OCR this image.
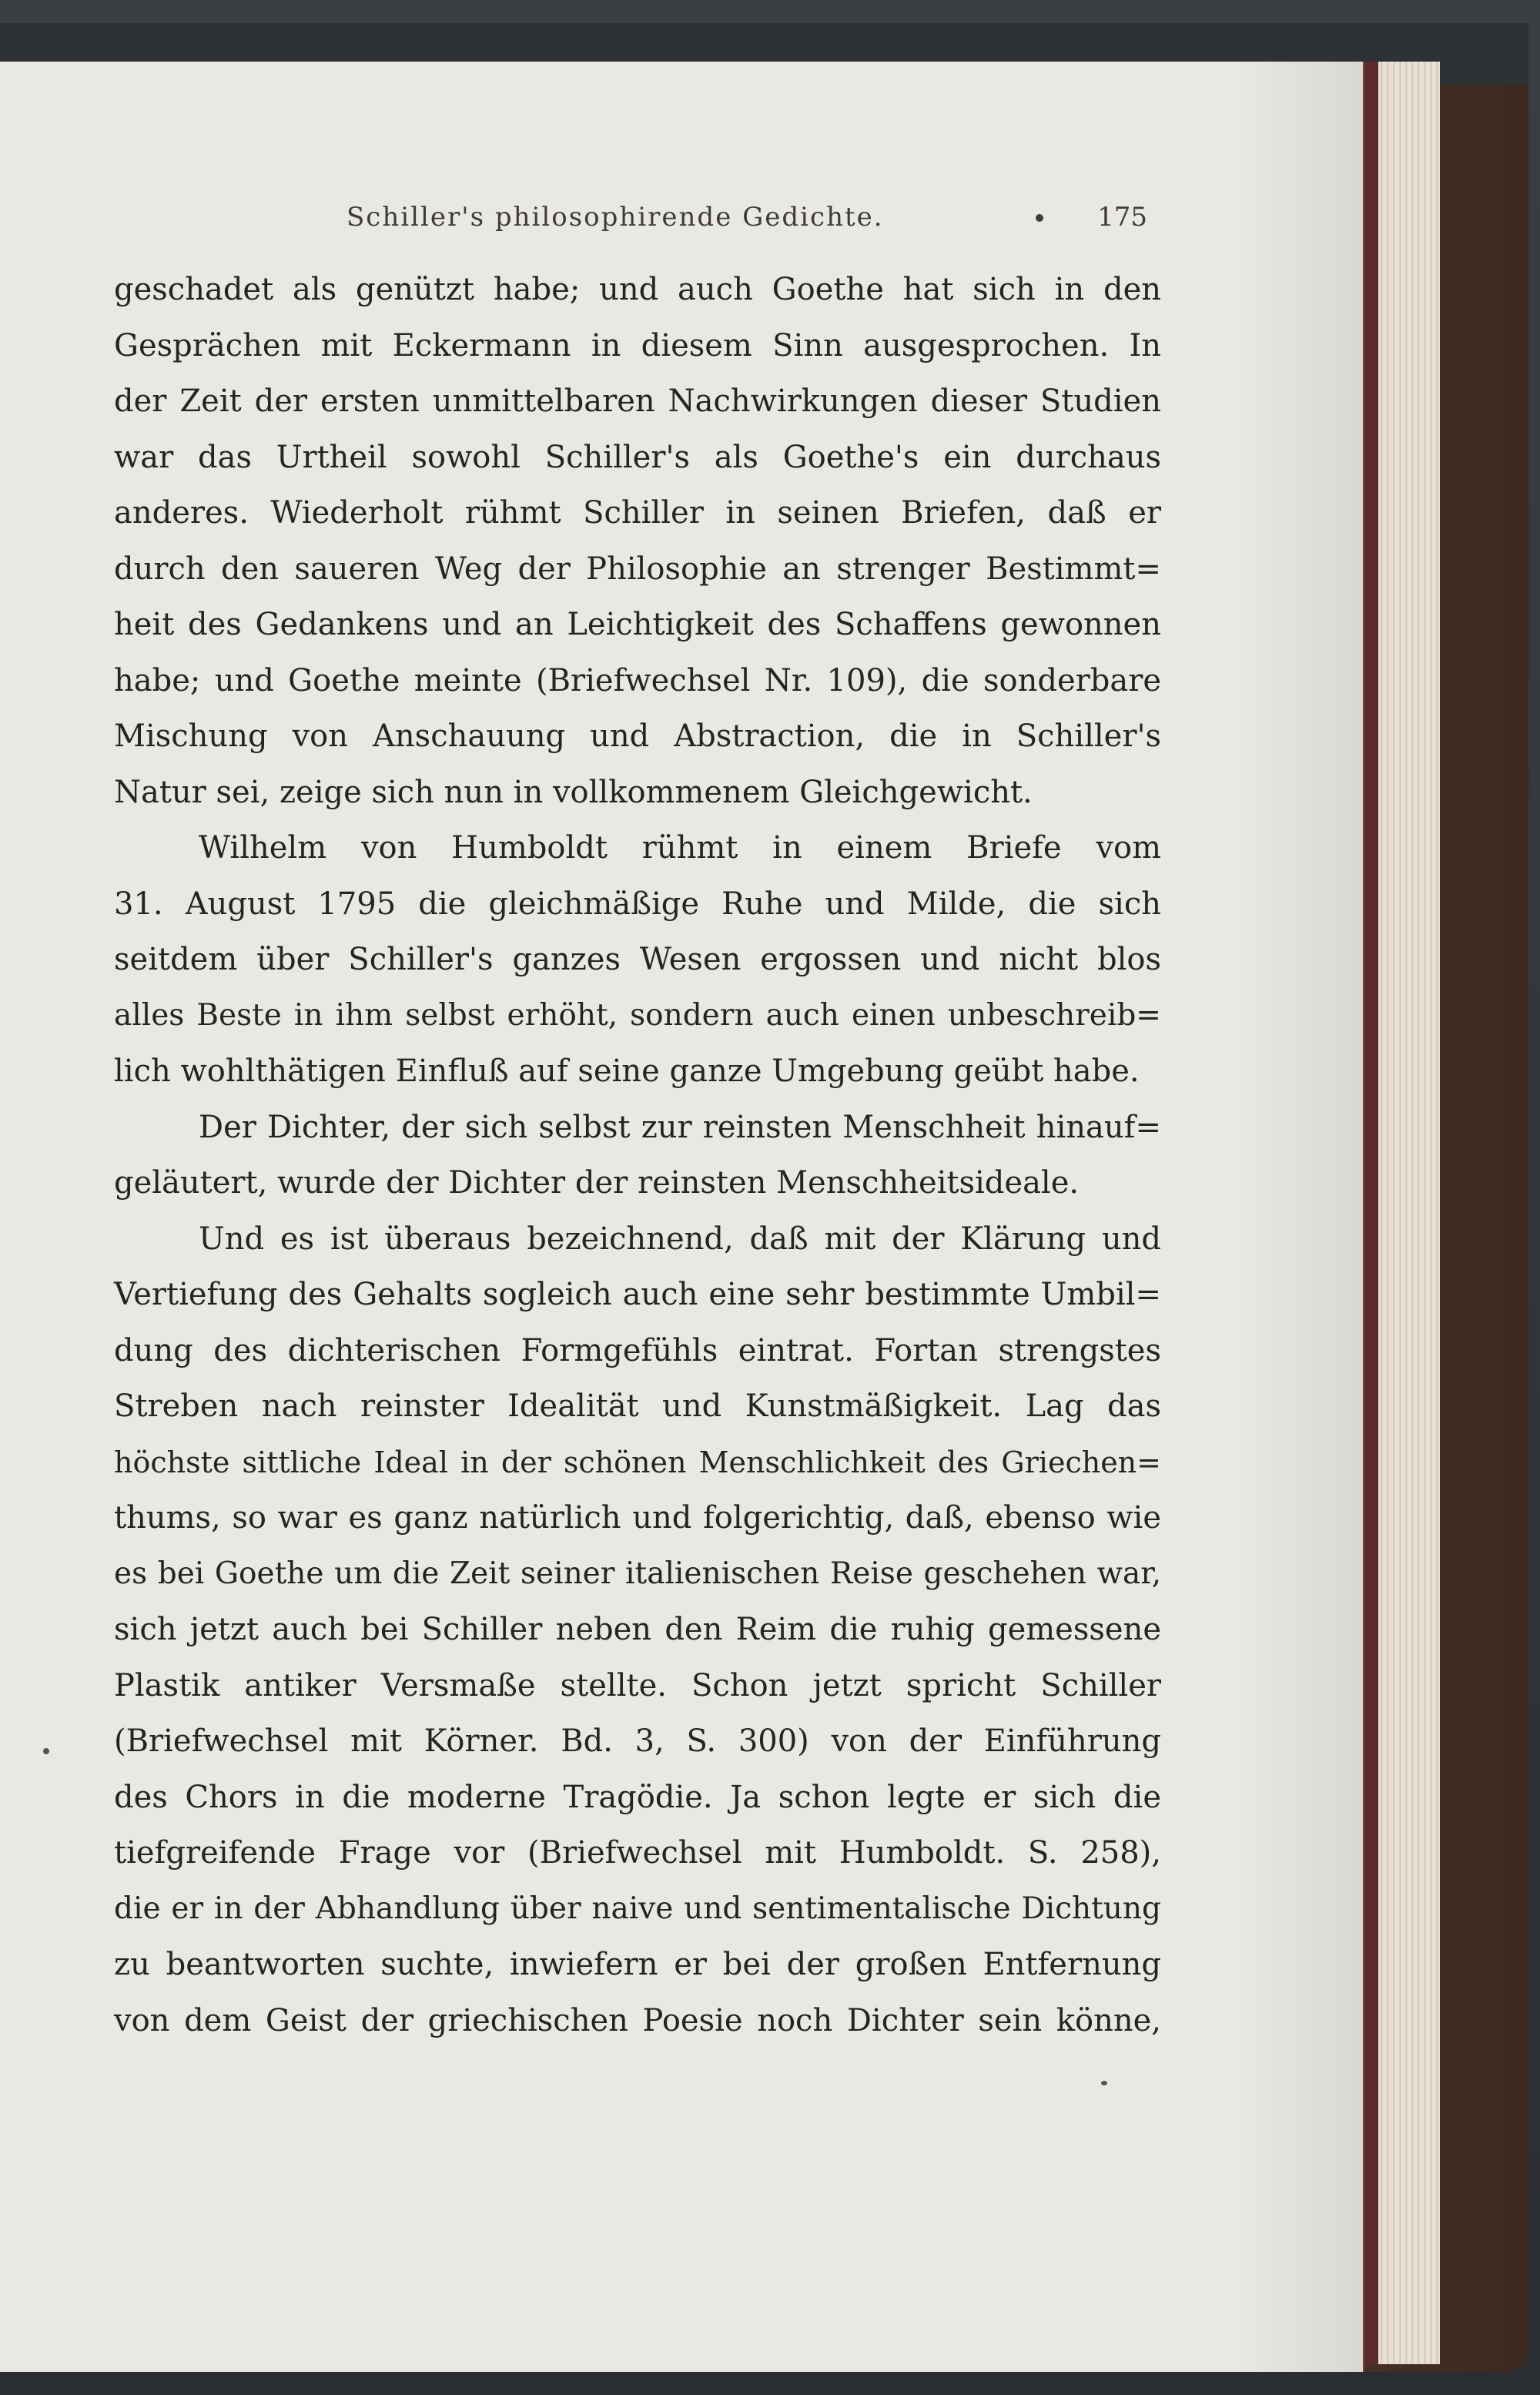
Schiller's philosophirende Gedichte.	175
geschadet als genützt habe; und auch Goethe hat sich in den
Gesprächen mit Eckermann in diesem Sinn ausgesprochen. In
der Zeit der ersten unmittelbaren Nachwirkungen dieser Studien
war das Urtheil sowohl Schiller's als Goethe's ein durchaus
anderes. Wiederholt rühmt Schiller in seinen Briefen, daß er
durch den saueren Weg der Philosophie an strenger Bestimmt=
heit des Gedankens und an Leichtigkeit des Schaffens gewonnen
habe; und Goethe meinte (Briefwechsel Nr. 109), die sonderbare
Mischung von Anschauung und Abstraction, die in Schiller's
Natur sei, zeige sich nun in vollkommenem Gleichgewicht.
Wilhelm von Humboldt rühmt in einem Briefe vom
31. August 1795 die gleichmäßige Ruhe und Milde, die sich
seitdem über Schiller's ganzes Wesen ergossen und nicht blos
alles Beste in ihm selbst erhöht, sondern auch einen unbeschreib=
lich wohlthätigen Einfluß auf seine ganze Umgebung geübt habe.
Der Dichter, der sich selbst zur reinsten Menschheit hinauf=
geläutert, wurde der Dichter der reinsten Menschheitsideale.
Und es ist überaus bezeichnend, daß mit der Klärung und
Vertiefung des Gehalts sogleich auch eine sehr bestimmte Umbil=
dung des dichterischen Formgefühls eintrat. Fortan strengstes
Streben nach reinster Idealität und Kunstmäßigkeit. Lag das
höchste sittliche Ideal in der schönen Menschlichkeit des Griechen=
thums, so war es ganz natürlich und folgerichtig, daß, ebenso wie
es bei Goethe um die Zeit seiner italienischen Reise geschehen war,
sich jetzt auch bei Schiller neben den Reim die ruhig gemessene
Plastik antiker Versmaße stellte. Schon jetzt spricht Schiller
(Briefwechsel mit Körner. Bd. 3, S. 300) von der Einführung
des Chors in die moderne Tragödie. Ja schon legte er sich die
tiefgreifende Frage vor (Briefwechsel mit Humboldt. S. 258),
die er in der Abhandlung über naive und sentimentalische Dichtung
zu beantworten suchte, inwiefern er bei der großen Entfernung
von dem Geist der griechischen Poesie noch Dichter sein könne,
